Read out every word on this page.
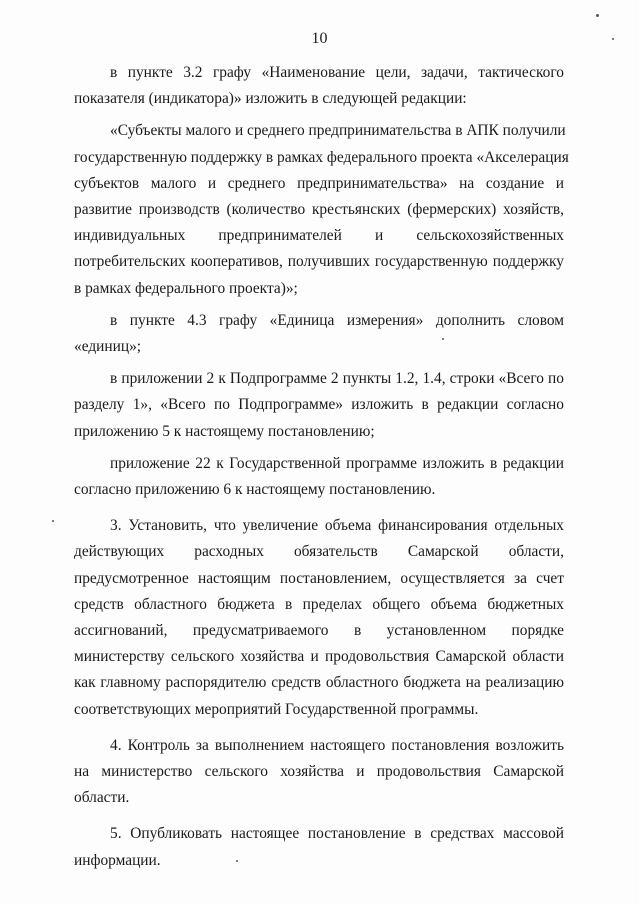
10
в пункте 3.2 графу «Наименование цели, задачи, тактического
показателя (индикатора)» изложить в следующей редакции:
«Субъекты малого и среднего предпринимательства в АПК получили
государственную поддержку в рамках федерального проекта «Акселерация
субъектов малого и среднего предпринимательства» на создание и
развитие производств (количество крестьянских (фермерских) хозяйств,
индивидуальных предпринимателей и сельскохозяйственных
потребительских кооперативов, получивших государственную поддержку
в рамках федерального проекта)»;
в пункте 4.3 графу «Единица измерения» дополнить словом
«единиц»;
в приложении 2 к Подпрограмме 2 пункты 1.2, 1.4, строки «Всего по
разделу 1», «Всего по Подпрограмме» изложить в редакции согласно
приложению 5 к настоящему постановлению;
приложение 22 к Государственной программе изложить в редакции
согласно приложению 6 к настоящему постановлению.
3. Установить, что увеличение объема финансирования отдельных
действующих расходных обязательств Самарской области,
предусмотренное настоящим постановлением, осуществляется за счет
средств областного бюджета в пределах общего объема бюджетных
ассигнований, предусматриваемого в установленном порядке
министерству сельского хозяйства и продовольствия Самарской области
как главному распорядителю средств областного бюджета на реализацию
соответствующих мероприятий Государственной программы.
4. Контроль за выполнением настоящего постановления возложить
на министерство сельского хозяйства и продовольствия Самарской
области.
5. Опубликовать настоящее постановление в средствах массовой
информации.
